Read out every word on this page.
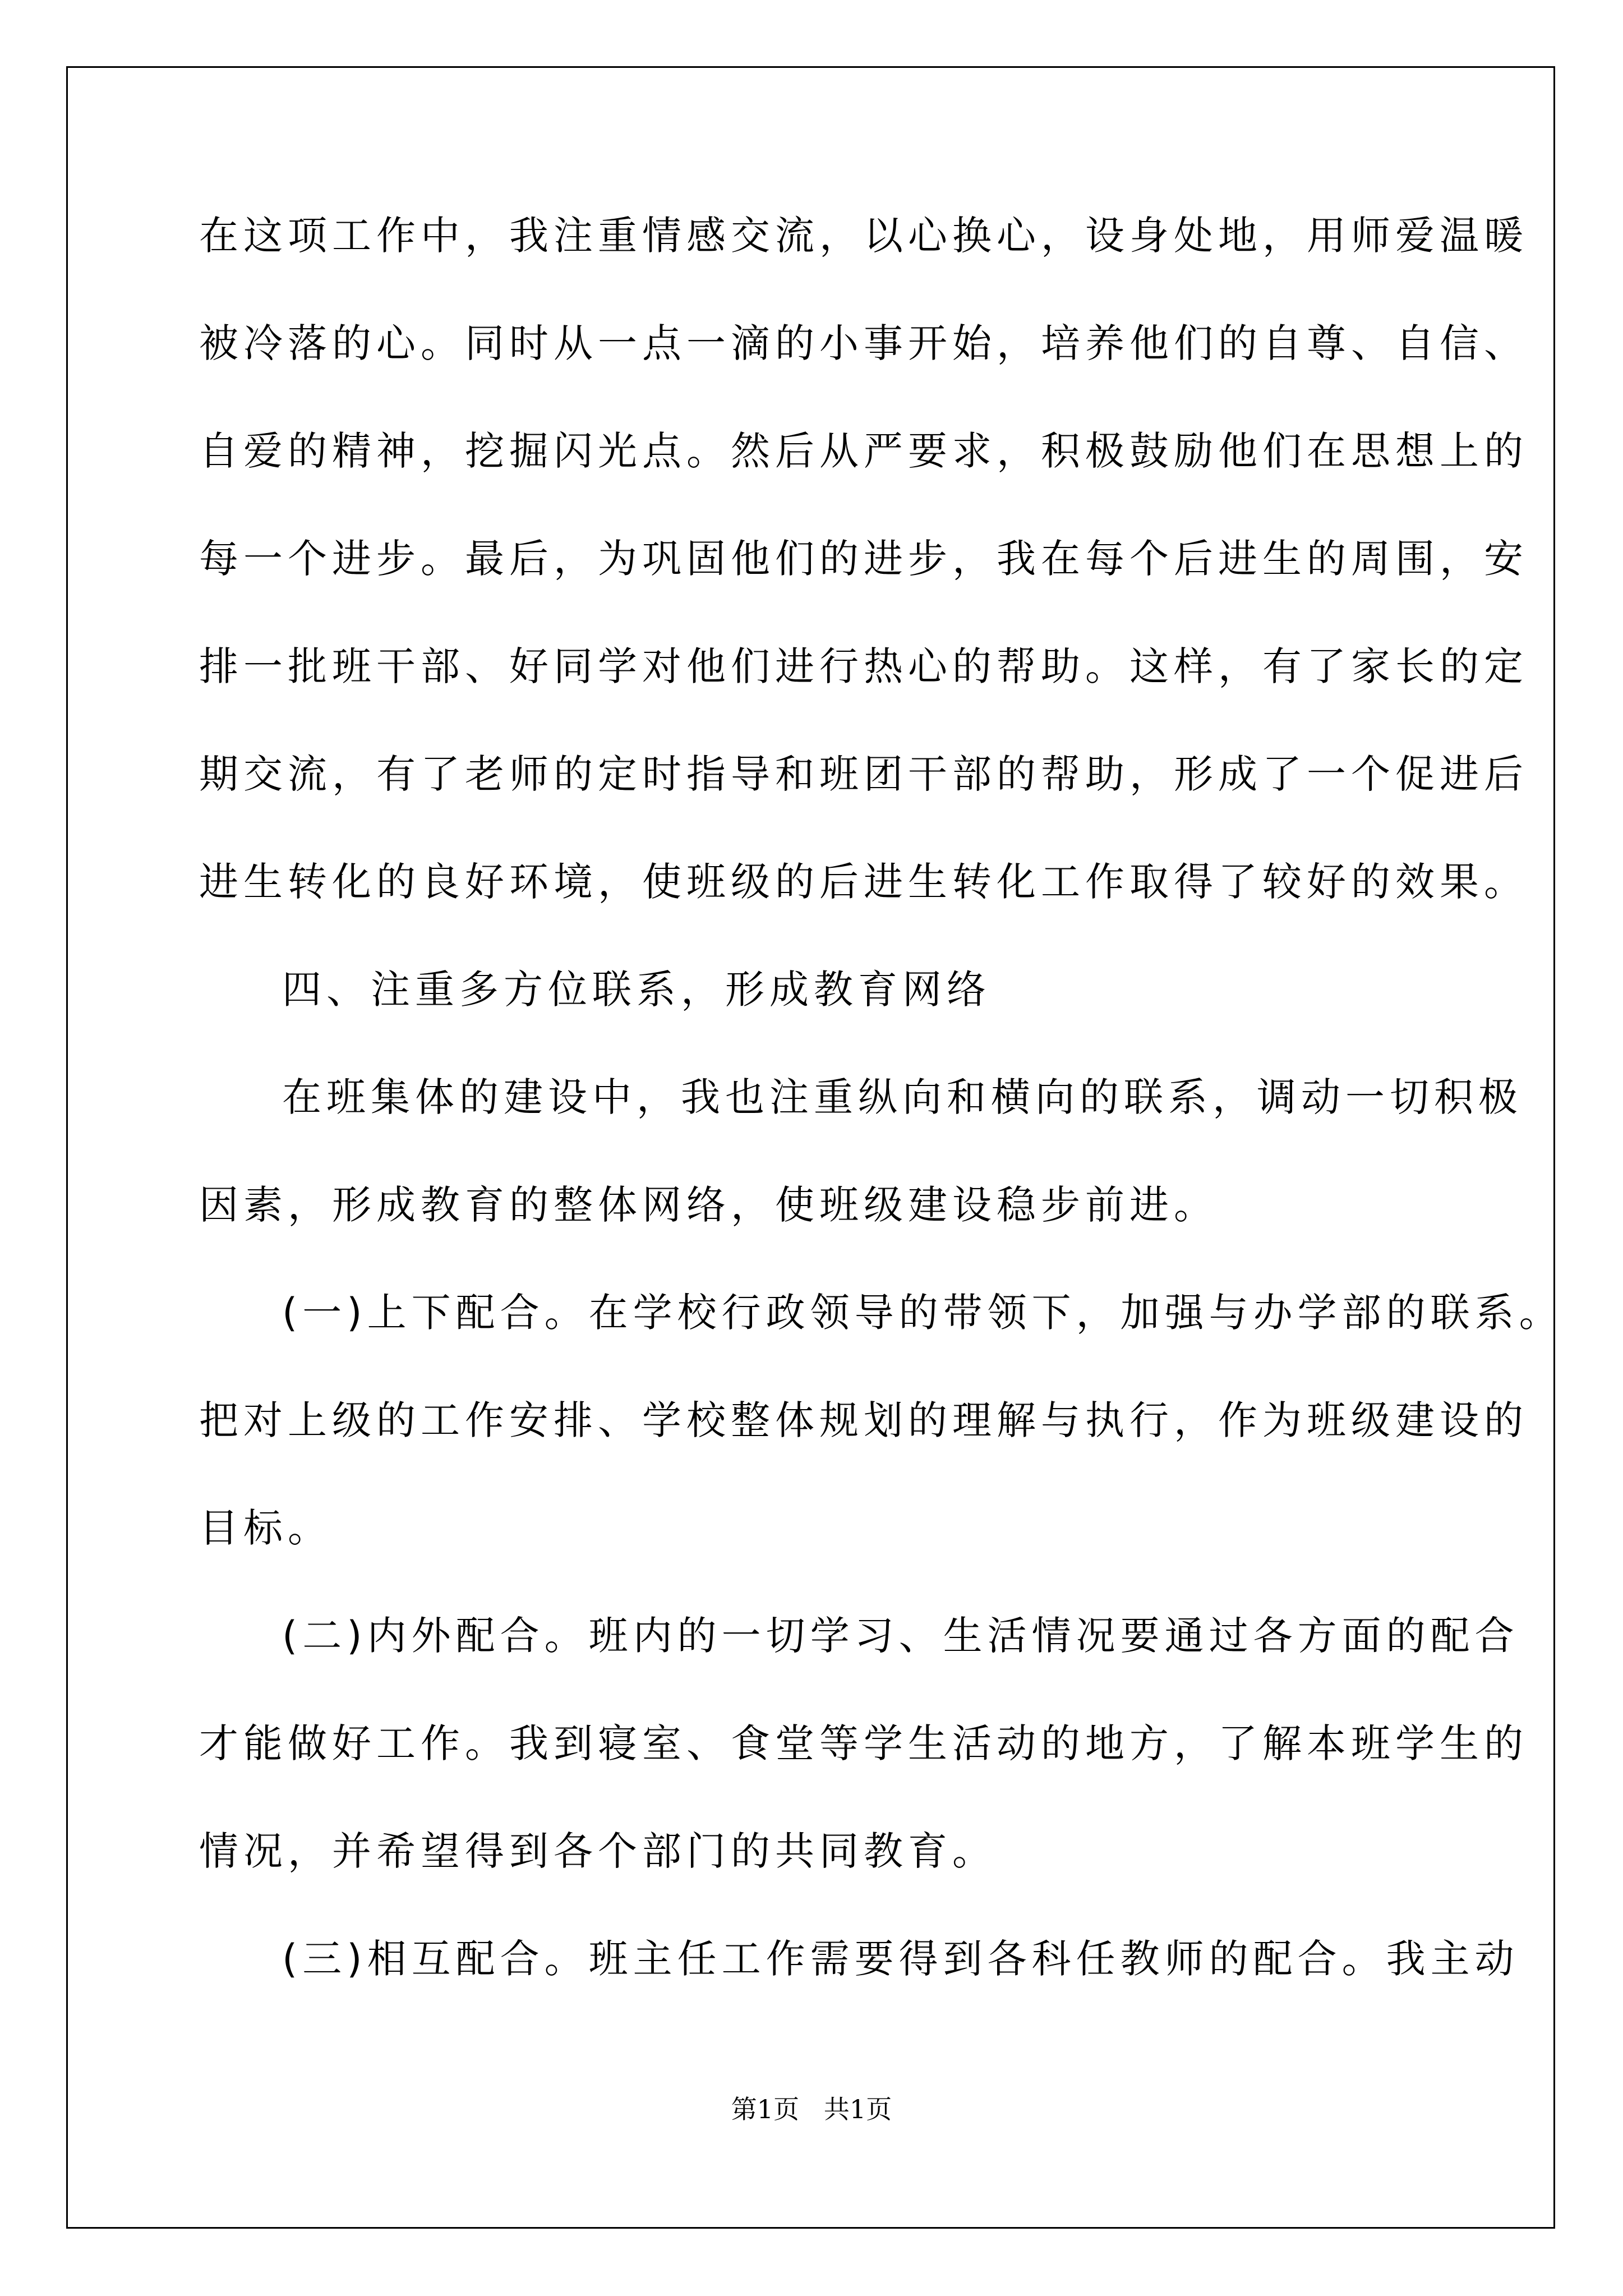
在这项工作中，我注重情感交流，以心换心，设身处地，用师爱温暖
被冷落的心。同时从一点一滴的小事开始，培养他们的自尊、自信、
自爱的精神，挖掘闪光点。然后从严要求，积极鼓励他们在思想上的
每一个进步。最后，为巩固他们的进步，我在每个后进生的周围，安
排一批班干部、好同学对他们进行热心的帮助。这样，有了家长的定
期交流，有了老师的定时指导和班团干部的帮助，形成了一个促进后
进生转化的良好环境，使班级的后进生转化工作取得了较好的效果。
四、注重多方位联系，形成教育网络
在班集体的建设中，我也注重纵向和横向的联系，调动一切积极
因素，形成教育的整体网络，使班级建设稳步前进。
(一)上下配合。在学校行政领导的带领下，加强与办学部的联系。
把对上级的工作安排、学校整体规划的理解与执行，作为班级建设的
目标。
(二)内外配合。班内的一切学习、生活情况要通过各方面的配合
才能做好工作。我到寝室、食堂等学生活动的地方，了解本班学生的
情况，并希望得到各个部门的共同教育。
(三)相互配合。班主任工作需要得到各科任教师的配合。我主动
第1页   共1页
